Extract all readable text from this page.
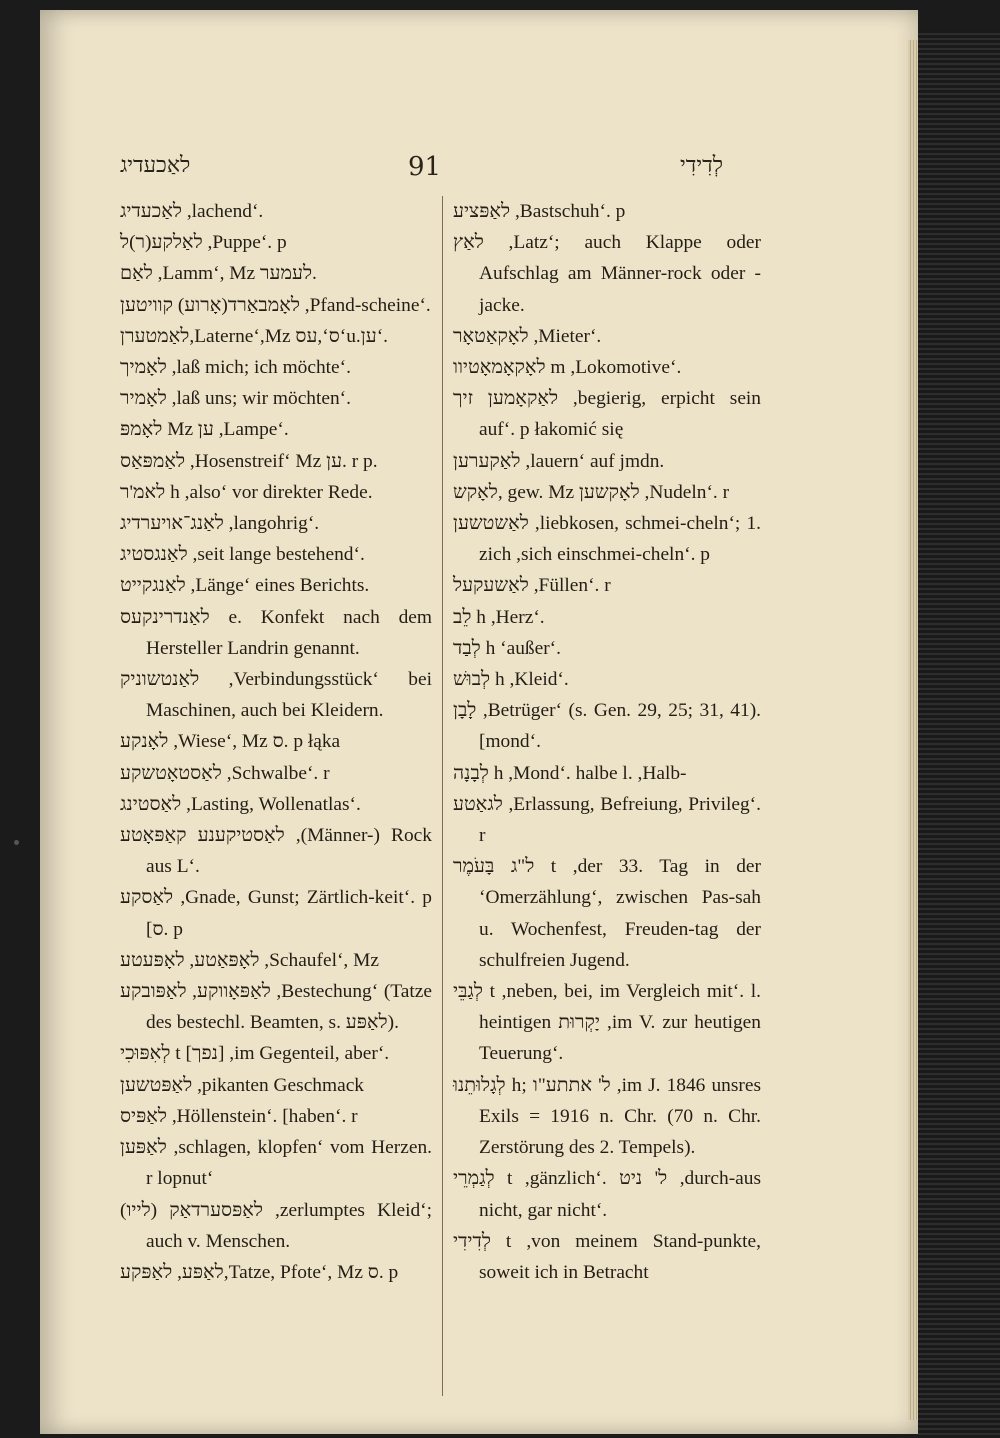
לאַכעדיג	91	לְדִידִי
לאַכעדיג ,lachend‘.
לאַלקע(ר)ל ,Puppe‘. p
לאַם ,Lamm‘, Mz לעמער.
לאָמבאַרד(אָרוע) קוויטען ,Pfand-scheine‘.
לאַמטערן,Laterne‘,Mz ס‘,עס‘u.ען‘.
לאָמיך ,laß mich; ich möchte‘.
לאָמיר ,laß uns; wir möchten‘.
לאָמפּ Mz ען ,Lampe‘.
לאַמפּאַס ,Hosenstreif‘ Mz ען. r p.
לאמ'ר h ,also‘ vor direkter Rede.
לאַנג־אויערדיג ,langohrig‘.
לאַנגסטיג ,seit lange bestehend‘.
לאַנגקייט ,Länge‘ eines Berichts.
לאַנדרינקעס e. Konfekt nach dem Hersteller Landrin genannt.
לאַנטשוניק ,Verbindungsstück‘ bei Maschinen, auch bei Kleidern.
לאָנקע ,Wiese‘, Mz ס. p łąka
לאַסטאָטשקע ,Schwalbe‘. r
לאַסטינג ,Lasting, Wollenatlas‘.
לאַסטיקענע קאַפּאָטע ,(Männer-) Rock aus L‘.
לאַסקע ,Gnade, Gunst; Zärtlich-keit‘. p [ס. p
לאָפּאַטע, לאָפּעטע ,Schaufel‘, Mz
לאַפּאָווקע, לאַפּובקע ,Bestechung‘ (Tatze des bestechl. Beamten, s. לאַפּע).
לְאִפּוּכִי t [נפך] ,im Gegenteil, aber‘.
לאַפּטשען ,pikanten Geschmack
לאַפּיס ,Höllenstein‘. [haben‘. r
לאַפּען ,schlagen, klopfen‘ vom Herzen. r lopnut‘
לאַפּסערדאַק (לייו) ,zerlumptes Kleid‘; auch v. Menschen.
לאַפּע, לאַפּקע,Tatze, Pfote‘, Mz ס. p
לאַפּציע ,Bastschuh‘. p
לאַץ ,Latz‘; auch Klappe oder Aufschlag am Männer-rock oder -jacke.
לאָקאַטאָר ,Mieter‘.
לאָקאָמאָטיוו m ,Lokomotive‘.
לאַקאָמען זיך ,begierig, erpicht sein auf‘. p łakomić się
לאַקערען ,lauern‘ auf jmdn.
לאָקש, gew. Mz לאָקשען ,Nudeln‘. r
לאַשטשען ,liebkosen, schmei-cheln‘; 1. zich ,sich einschmei-cheln‘. p
לאַשעקעל ,Füllen‘. r
לֵב h ,Herz‘.
לְבַד h ‘außer‘.
לְבוּשׁ h ,Kleid‘.
לָבָן ,Betrüger‘ (s. Gen. 29, 25; 31, 41). [mond‘.
לְבָנָה h ,Mond‘. halbe l. ,Halb-
לגאַטע ,Erlassung, Befreiung, Privileg‘. r
ל"ג בָּעֹמֶר t ,der 33. Tag in der ‘Omerzählung‘, zwischen Pas-sah u. Wochenfest, Freuden-tag der schulfreien Jugend.
לְגַבֵּי t ,neben, bei, im Vergleich mit‘. l. heintigen יָקְרוּת ,im V. zur heutigen Teuerung‘.
לְגָלוּתֵנוּ h; ל' אתתע"ו ,im J. 1846 unsres Exils = 1916 n. Chr. (70 n. Chr. Zerstörung des 2. Tempels).
לְגַמְרֵי t ,gänzlich‘. ל' ניט ,durch-aus nicht, gar nicht‘.
לְדִידִי t ,von meinem Stand-punkte, soweit ich in Betracht
